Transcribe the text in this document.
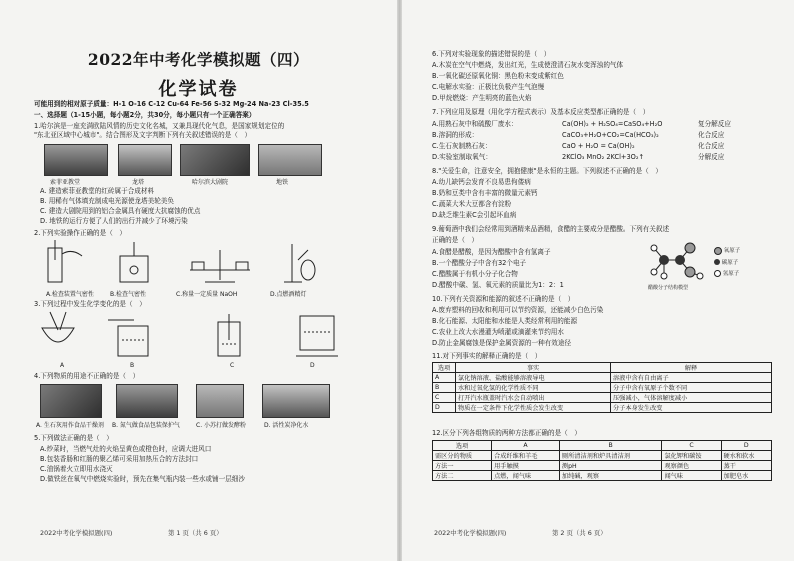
2022年中考化学模拟题（四）
化学试卷
可能用到的相对原子质量：H-1 O-16 C-12 Cu-64 Fe-56 S-32 Mg-24 Na-23 Cl-35.5
一、选择题（1-15小题，每小题2分，共30分，每小题只有一个正确答案）
1.哈尔滨是一座充满欧陆风情的历史文化名城，又兼具现代化气息，是国家规划定位的
"东北亚区域中心城市"。结合图形及文字判断下列有关叙述错误的是（　）
索菲亚教堂	龙塔	哈尔滨大剧院	地铁
A. 建造索菲亚教堂的红砖属于合成材料
B. 用稀有气体填充制成电光源使龙塔美轮美奂
C. 建造大剧院用到的铝合金属具有硬度大抗腐蚀的优点
D. 地铁的运行方便了人们的出行并减少了环境污染
2.下列实验操作正确的是（　）
A.检查装置气密性	B.检查气密性	C.称量一定质量 NaOH	D.点燃酒精灯
3.下列过程中发生化学变化的是（　）
A	B	C	D
4.下列物质的用途不正确的是（　）
A. 生石灰用作食品干燥剂 B. 氮气做食品包装保护气	C. 小苏打做发酵粉	D. 活性炭净化水
5.下列做法正确的是（　）
A.炒菜时，当燃气灶的火焰呈黄色或橙色时，应调大进风口
B.包装香肠和红肠的聚乙烯可采用加热压合的方法封口
C.油锅着火立即用水浇灭
D.做铁丝在氧气中燃烧实验时，预先在集气瓶内装一些水或铺一层细沙
2022中考化学模拟题(四)	第 1 页（共 6 页）
6.下列对实验现象的描述错误的是（　）
A.木炭在空气中燃烧，发出红光，生成使澄清石灰水变浑浊的气体
B.一氧化碳还原氧化铜：黑色粉末变成紫红色
C.电解水实验：正极比负极产生气泡慢
D.甲烷燃烧：产生明亮的蓝色火焰
7.下列应用及原理（用化学方程式表示）及基本反应类型都正确的是（　）
A.用熟石灰中和硫酸厂废水：	Ca(OH)₂ + H₂SO₄=CaSO₄+H₂O	复分解反应
B.溶洞的形成：	CaCO₃+H₂O+CO₂=Ca(HCO₃)₂	化合反应
C.生石灰制熟石灰：	CaO + H₂O = Ca(OH)₂	化合反应
D.实验室制取氧气：	2KClO₃ MnO₂ 2KCl+3O₂↑	分解反应
8."关爱生命，注意安全，拥抱健康"是永恒的主题。下列叙述不正确的是（　）
A.幼儿缺钙会发育不良易患佝偻病
B.奶和豆类中含有丰富的微量元素钙
C.蔬菜大米大豆都含有淀粉
D.缺乏维生素C会引起坏血病
9.葡萄酒中我们会经常用到酒精来品酒精，食醋的主要成分是醋酸。下列有关叙述
正确的是（　）
A.食醋是醋酸，是因为醋酸中含有氢离子
B.一个醋酸分子中含有32个电子
C.醋酸属于有机小分子化合物
D.醋酸中碳、氢、氧元素的质量比为1：2：1	醋酸分子结构模型
氧原子
碳原子
氢原子
10.下列有关资源和能源的叙述不正确的是（　）
A.废弃塑料的回收和利用可以节约资源，还能减少白色污染
B.化石能源、太阳能和水能是人类经常利用的能源
C.农业上改大水漫灌为喷灌或滴灌来节约用水
D.防止金属腐蚀是保护金属资源的一种有效途径
11.对下列事实的解释正确的是（　）
选项	事实	解释
A	氯化钠溶液、盐酸能够溶液导电	溶液中含有自由离子
B	水和过氧化氢的化学性质不同	分子中含有氧原子个数不同
C	打开汽水瓶盖时汽水会自动喷出	压强减小，气体溶解度减小
D	物质在一定条件下化学性质会发生改变	分子本身发生改变
12.区分下列各组物质的两种方法都正确的是（　）
选项	A	B	C	D
需区分的物质	合成纤维和羊毛	厕所清洁剂和炉具清洁剂	氯化钾和碳铵	硬水和软水
方法一	用手触摸	测pH	观察颜色	蒸干
方法二	点燃，闻气味	加纯碱，观察	闻气味	加肥皂水
2022中考化学模拟题(四)	第 2 页（共 6 页）
